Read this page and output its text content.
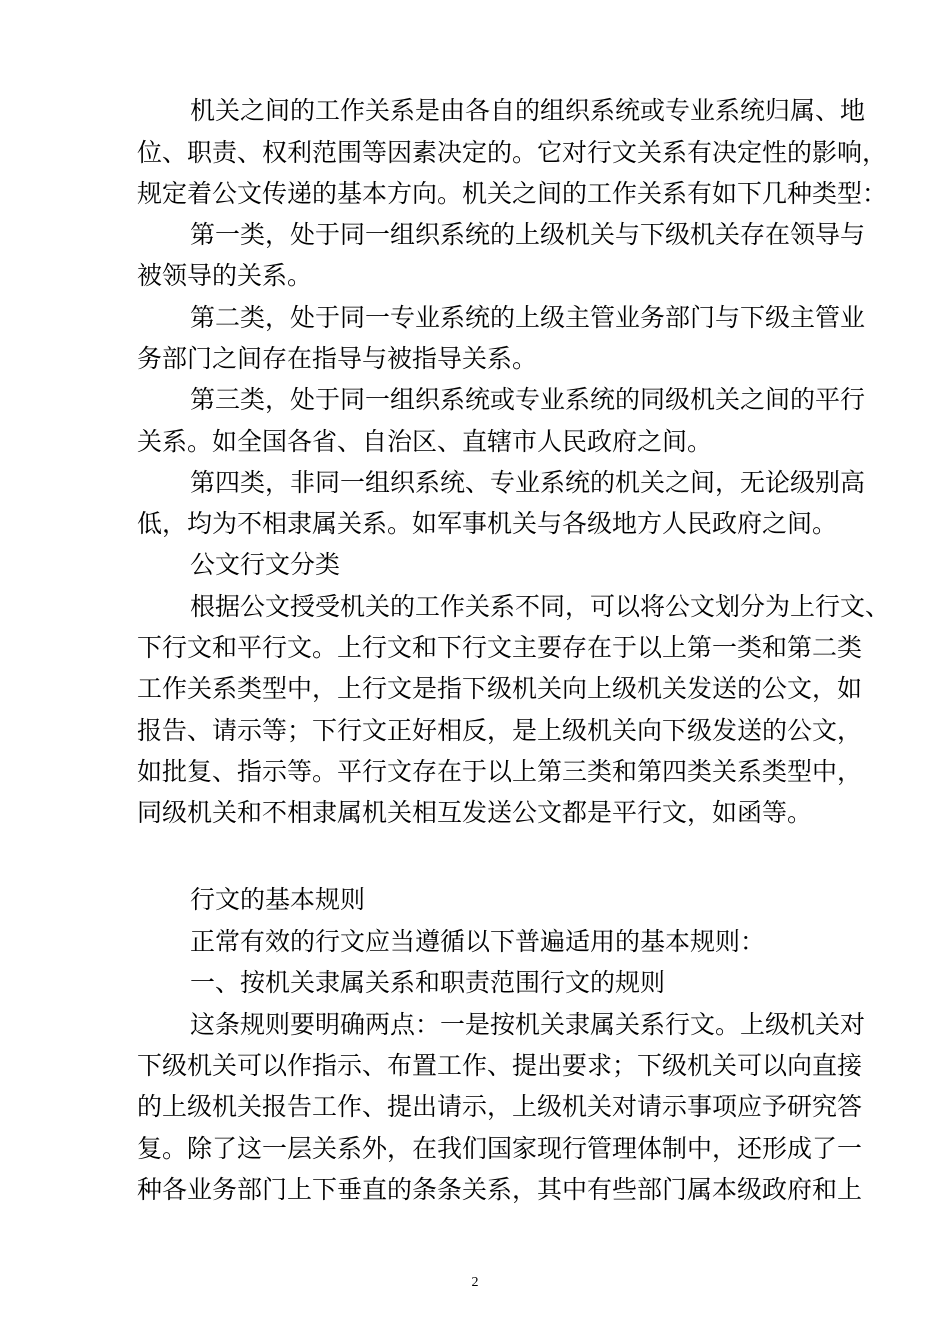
机关之间的工作关系是由各自的组织系统或专业系统归属、地
位、职责、权利范围等因素决定的。它对行文关系有决定性的影响，
规定着公文传递的基本方向。机关之间的工作关系有如下几种类型：
第一类，处于同一组织系统的上级机关与下级机关存在领导与
被领导的关系。
第二类，处于同一专业系统的上级主管业务部门与下级主管业
务部门之间存在指导与被指导关系。
第三类，处于同一组织系统或专业系统的同级机关之间的平行
关系。如全国各省、自治区、直辖市人民政府之间。
第四类，非同一组织系统、专业系统的机关之间，无论级别高
低，均为不相隶属关系。如军事机关与各级地方人民政府之间。
公文行文分类
根据公文授受机关的工作关系不同，可以将公文划分为上行文、
下行文和平行文。上行文和下行文主要存在于以上第一类和第二类
工作关系类型中，上行文是指下级机关向上级机关发送的公文，如
报告、请示等；下行文正好相反，是上级机关向下级发送的公文，
如批复、指示等。平行文存在于以上第三类和第四类关系类型中，
同级机关和不相隶属机关相互发送公文都是平行文，如函等。
行文的基本规则
正常有效的行文应当遵循以下普遍适用的基本规则：
一、按机关隶属关系和职责范围行文的规则
这条规则要明确两点：一是按机关隶属关系行文。上级机关对
下级机关可以作指示、布置工作、提出要求；下级机关可以向直接
的上级机关报告工作、提出请示，上级机关对请示事项应予研究答
复。除了这一层关系外，在我们国家现行管理体制中，还形成了一
种各业务部门上下垂直的条条关系，其中有些部门属本级政府和上
2
